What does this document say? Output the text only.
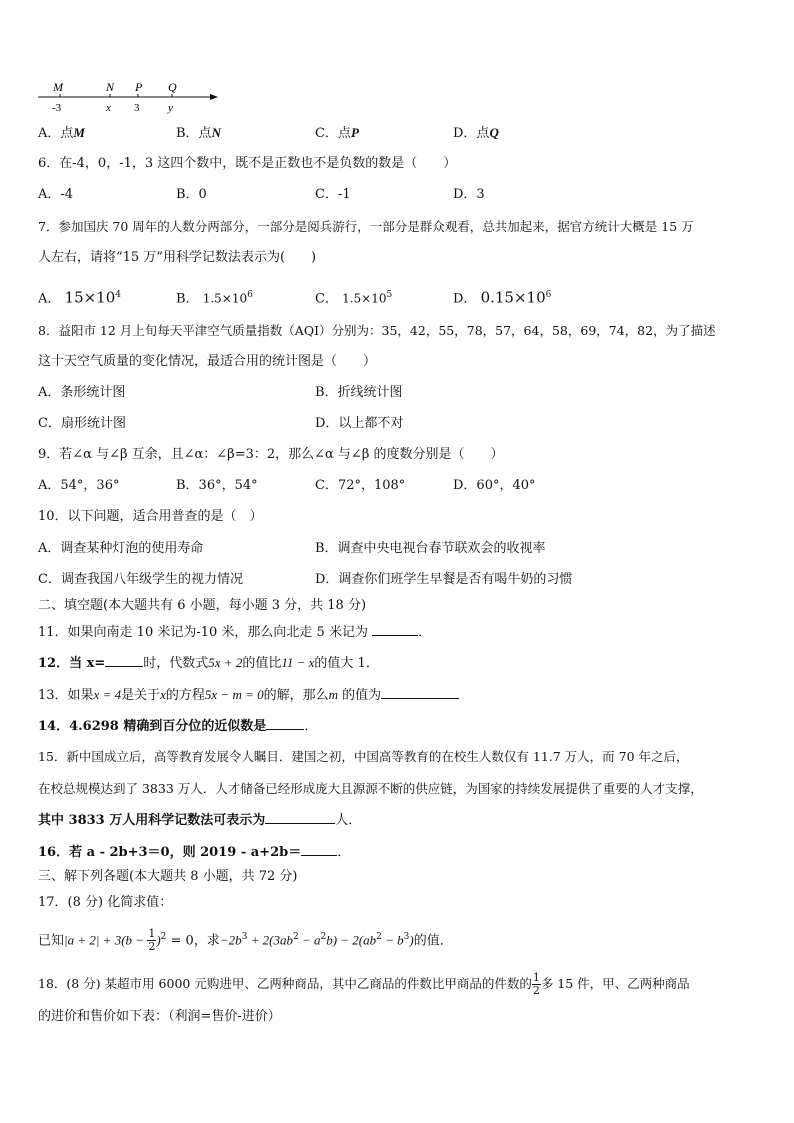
M	N P Q
-3	x 3	y
A．点M	B．点N	C．点P	D．点Q
6．在-4，0，-1，3 这四个数中，既不是正数也不是负数的数是（　　）
A．-4	B．0	C．-1	D．3
7．参加国庆 70 周年的人数分两部分，一部分是阅兵游行，一部分是群众观看，总共加起来，据官方统计大概是 15 万
人左右，请将“15 万”用科学记数法表示为(　　)
A． $15\times 10^4$	B． $1.5\times 10^6$	C． $1.5\times 10^5$	D． $0.15\times 10^6$
8．益阳市 12 月上旬每天平津空气质量指数（AQI）分别为：35，42，55，78，57，64，58，69，74，82，为了描述
这十天空气质量的变化情况，最适合用的统计图是（　　）
A．条形统计图	B．折线统计图
C．扇形统计图	D．以上都不对
9．若∠α 与∠β 互余，且∠α：∠β=3：2，那么∠α 与∠β 的度数分别是（　　）
A．54°，36°	B．36°，54°	C．72°，108°	D．60°，40°
10．以下问题，适合用普查的是（　）
A．调查某种灯泡的使用寿命	B．调查中央电视台春节联欢会的收视率
C．调查我国八年级学生的视力情况	D．调查你们班学生早餐是否有喝牛奶的习惯
二、填空题(本大题共有 6 小题，每小题 3 分，共 18 分)
11．如果向南走 10 米记为-10 米，那么向北走 5 米记为	．
12．当 x=	时，代数式5x + 2的值比11 − x的值大 1．
13．如果x = 4是关于x的方程5x − m = 0的解，那么m 的值为
14．4.6298 精确到百分位的近似数是	．
15．新中国成立后，高等教育发展令人瞩目．建国之初，中国高等教育的在校生人数仅有 11.7 万人，而 70 年之后，
在校总规模达到了 3833 万人．人才储备已经形成庞大且源源不断的供应链，为国家的持续发展提供了重要的人才支撑，
其中 3833 万人用科学记数法可表示为	人．
16．若 a - 2b+3＝0，则 2019 - a+2b＝	．
三、解下列各题(本大题共 8 小题，共 72 分)
17．(8 分) 化简求值：
已知$|a + 2| + 3(b - \frac{1}{2} )^2 = 0$，求$-2b^3 + 2(3ab^2 - a^2b) - 2(ab^2 - b^3)$的值．
18．(8 分) 某超市用 6000 元购进甲、乙两种商品，其中乙商品的件数比甲商品的件数的 $\frac{1}{2}$ 多 15 件，甲、乙两种商品
的进价和售价如下表：（利润=售价-进价）
